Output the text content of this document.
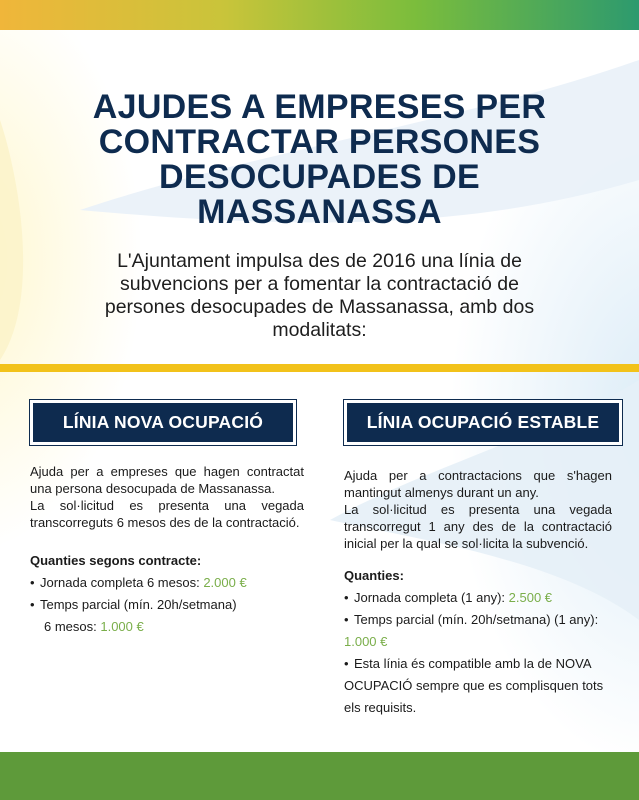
AJUDES A EMPRESES PER
CONTRACTAR PERSONES
DESOCUPADES DE
MASSANASSA
L'Ajuntament impulsa des de 2016 una línia de
subvencions per a fomentar la contractació de
persones desocupades de Massanassa, amb dos
modalitats:
LÍNIA NOVA OCUPACIÓ

Ajuda per a empreses que hagen contractat una persona desocupada de Massanassa.

La sol·licitud es presenta una vegada transcorreguts 6 mesos des de la contractació.

Quanties segons contracte:
• Jornada completa 6 mesos: 2.000 €
• Temps parcial (mín. 20h/setmana)
6 mesos: 1.000 €
LÍNIA OCUPACIÓ ESTABLE

Ajuda per a contractacions que s'hagen mantingut almenys durant un any.

La sol·licitud es presenta una vegada transcorregut 1 any des de la contractació inicial per la qual se sol·licita la subvenció.

Quanties:
• Jornada completa (1 any): 2.500 €
• Temps parcial (mín. 20h/setmana) (1 any):
1.000 €
• Esta línia és compatible amb la de NOVA OCUPACIÓ sempre que es complisquen tots els requisits.
